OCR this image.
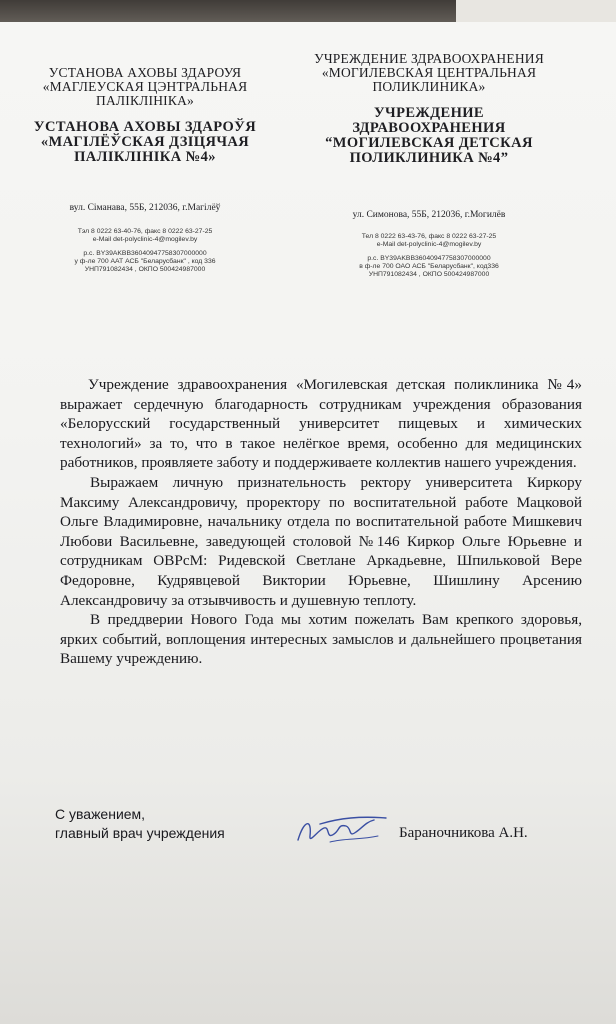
УСТАНОВА АХОВЫ ЗДАРОУЯ
«МАГЛЕУСКАЯ ЦЭНТРАЛЬНАЯ
ПАЛІКЛІНІКА»
УСТАНОВА АХОВЫ ЗДАРОЎЯ
«МАГІЛЁЎСКАЯ ДЗІЦЯЧАЯ
ПАЛІКЛІНІКА №4»
вул. Сіманава, 55Б, 212036, г.Магілёў
Тэл 8 0222 63-40-76, факс 8 0222 63-27-25
e-Mail det-polyclinic-4@mogilev.by
р.с. BY39AKBB36040947758307000000
у ф-ле 700 ААТ АСБ "Беларусбанк" , код 336
УНП791082434 , ОКПО 500424987000
УЧРЕЖДЕНИЕ ЗДРАВООХРАНЕНИЯ
«МОГИЛЕВСКАЯ ЦЕНТРАЛЬНАЯ
ПОЛИКЛИНИКА»
УЧРЕЖДЕНИЕ ЗДРАВООХРАНЕНИЯ
“МОГИЛЕВСКАЯ ДЕТСКАЯ
ПОЛИКЛИНИКА №4”
ул. Симонова, 55Б, 212036, г.Могилёв
Тел 8 0222 63-43-76, факс 8 0222 63-27-25
e-Mail det-polyclinic-4@mogilev.by
р.с. BY39AKBB36040947758307000000
в ф-ле 700 ОАО АСБ "Беларусбанк", код336
УНП791082434 , ОКПО 500424987000

Учреждение здравоохранения «Могилевская детская поликлиника №4» выражает сердечную благодарность сотрудникам учреждения образования «Белорусский государственный университет пищевых и химических технологий» за то, что в такое нелёгкое время, особенно для медицинских работников, проявляете заботу и поддерживаете коллектив нашего учреждения.

Выражаем личную признательность ректору университета Киркору Максиму Александровичу, проректору по воспитательной работе Мацковой Ольге Владимировне, начальнику отдела по воспитательной работе Мишкевич Любови Васильевне, заведующей столовой №146 Киркор Ольге Юрьевне и сотрудникам ОВРсМ: Ридевской Светлане Аркадьевне, Шпильковой Вере Федоровне, Кудрявцевой Виктории Юрьевне, Шишлину Арсению Александровичу за отзывчивость и душевную теплоту.

В преддверии Нового Года мы хотим пожелать Вам крепкого здоровья, ярких событий, воплощения интересных замыслов и дальнейшего процветания Вашему учреждению.

С уважением,
главный врач учреждения	Бараночникова А.Н.
